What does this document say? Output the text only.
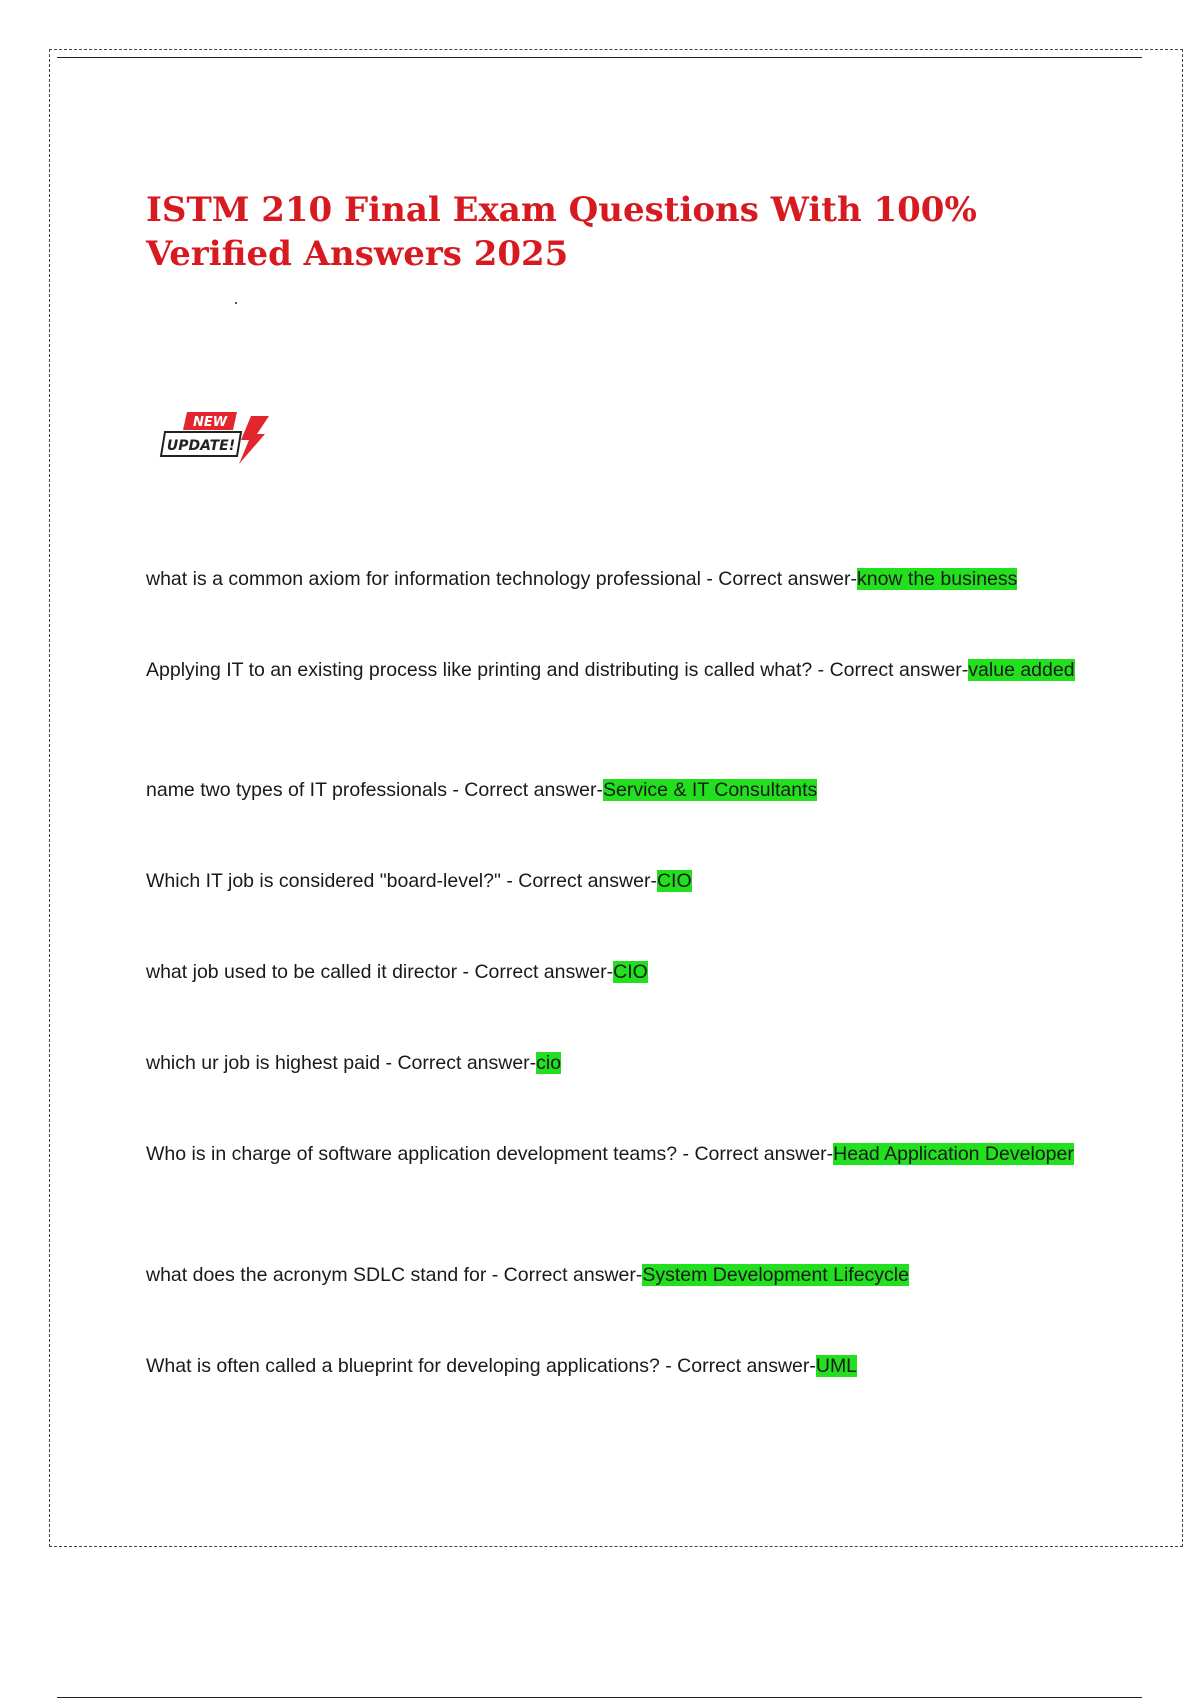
ISTM 210 Final Exam Questions With 100% Verified Answers 2025
NEW
UPDATE!
what is a common axiom for information technology professional - Correct answer-know the business
Applying IT to an existing process like printing and distributing is called what? - Correct answer-value added
name two types of IT professionals - Correct answer-Service & IT Consultants
Which IT job is considered "board-level?" - Correct answer-CIO
what job used to be called it director - Correct answer-CIO
which ur job is highest paid - Correct answer-cio
Who is in charge of software application development teams? - Correct answer-Head Application Developer
what does the acronym SDLC stand for - Correct answer-System Development Lifecycle
What is often called a blueprint for developing applications? - Correct answer-UML
